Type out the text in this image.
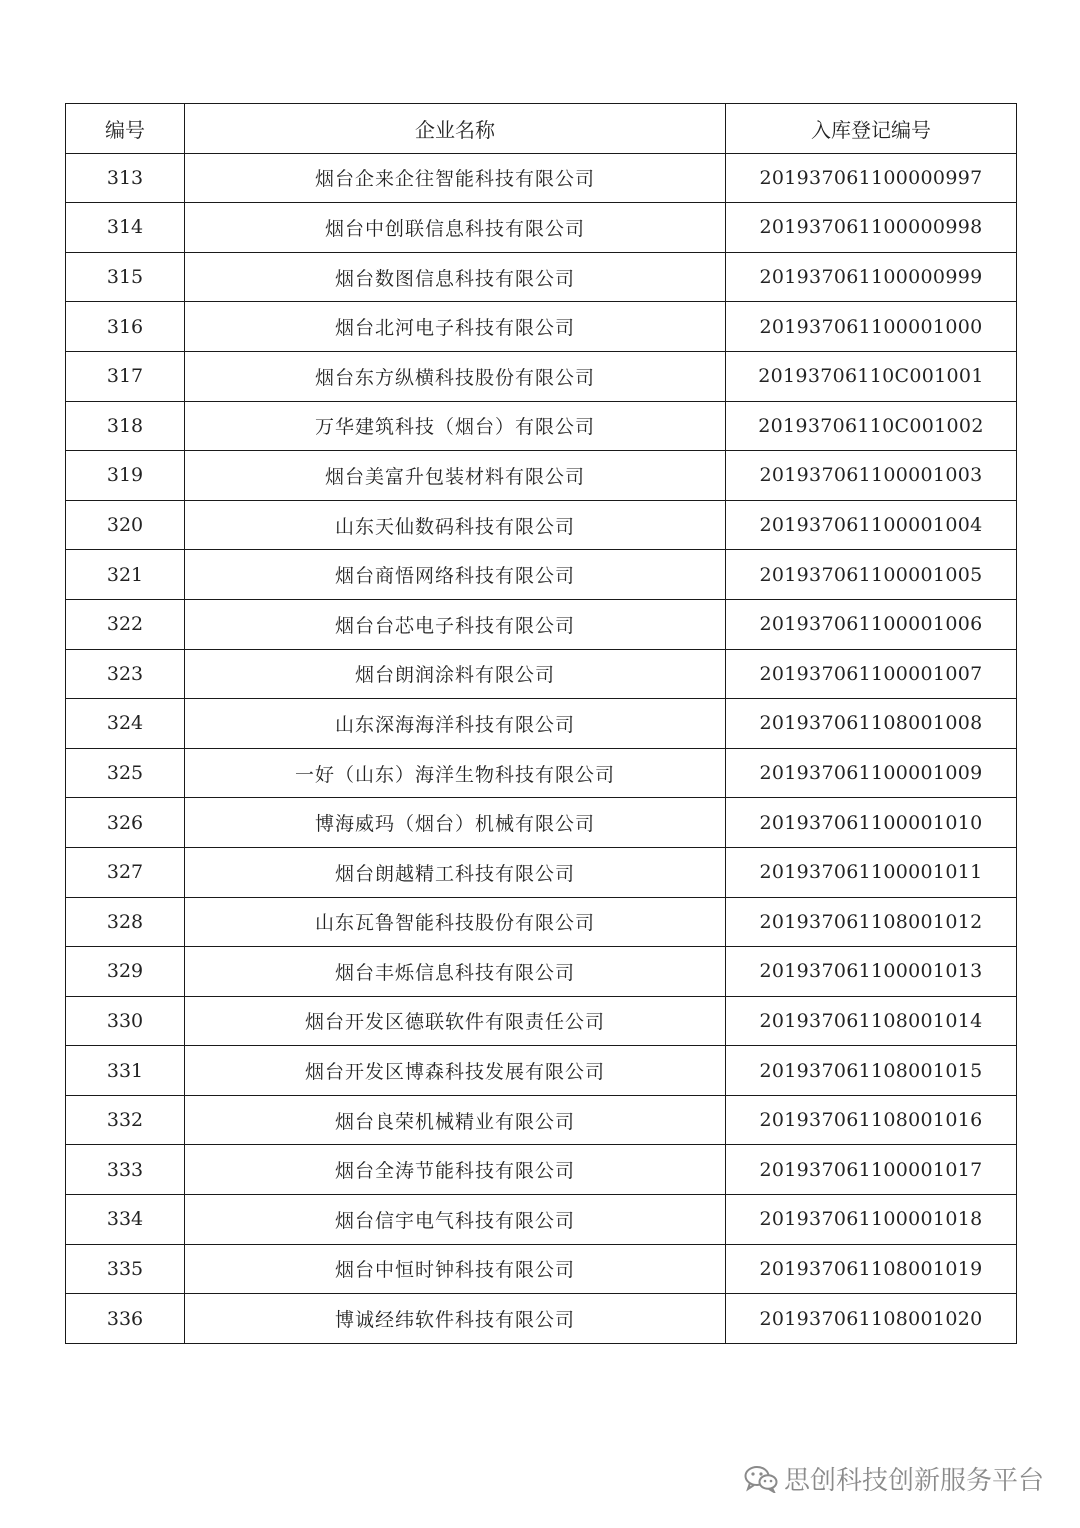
编号	企业名称	入库登记编号
313	烟台企来企往智能科技有限公司	201937061100000997
314	烟台中创联信息科技有限公司	201937061100000998
315	烟台数图信息科技有限公司	201937061100000999
316	烟台北河电子科技有限公司	201937061100001000
317	烟台东方纵横科技股份有限公司	20193706110C001001
318	万华建筑科技（烟台）有限公司	20193706110C001002
319	烟台美富升包装材料有限公司	201937061100001003
320	山东天仙数码科技有限公司	201937061100001004
321	烟台商悟网络科技有限公司	201937061100001005
322	烟台台芯电子科技有限公司	201937061100001006
323	烟台朗润涂料有限公司	201937061100001007
324	山东深海海洋科技有限公司	201937061108001008
325	一好（山东）海洋生物科技有限公司	201937061100001009
326	博海威玛（烟台）机械有限公司	201937061100001010
327	烟台朗越精工科技有限公司	201937061100001011
328	山东瓦鲁智能科技股份有限公司	201937061108001012
329	烟台丰烁信息科技有限公司	201937061100001013
330	烟台开发区德联软件有限责任公司	201937061108001014
331	烟台开发区博森科技发展有限公司	201937061108001015
332	烟台良荣机械精业有限公司	201937061108001016
333	烟台全涛节能科技有限公司	201937061100001017
334	烟台信宇电气科技有限公司	201937061100001018
335	烟台中恒时钟科技有限公司	201937061108001019
336	博诚经纬软件科技有限公司	201937061108001020
思创科技创新服务平台
